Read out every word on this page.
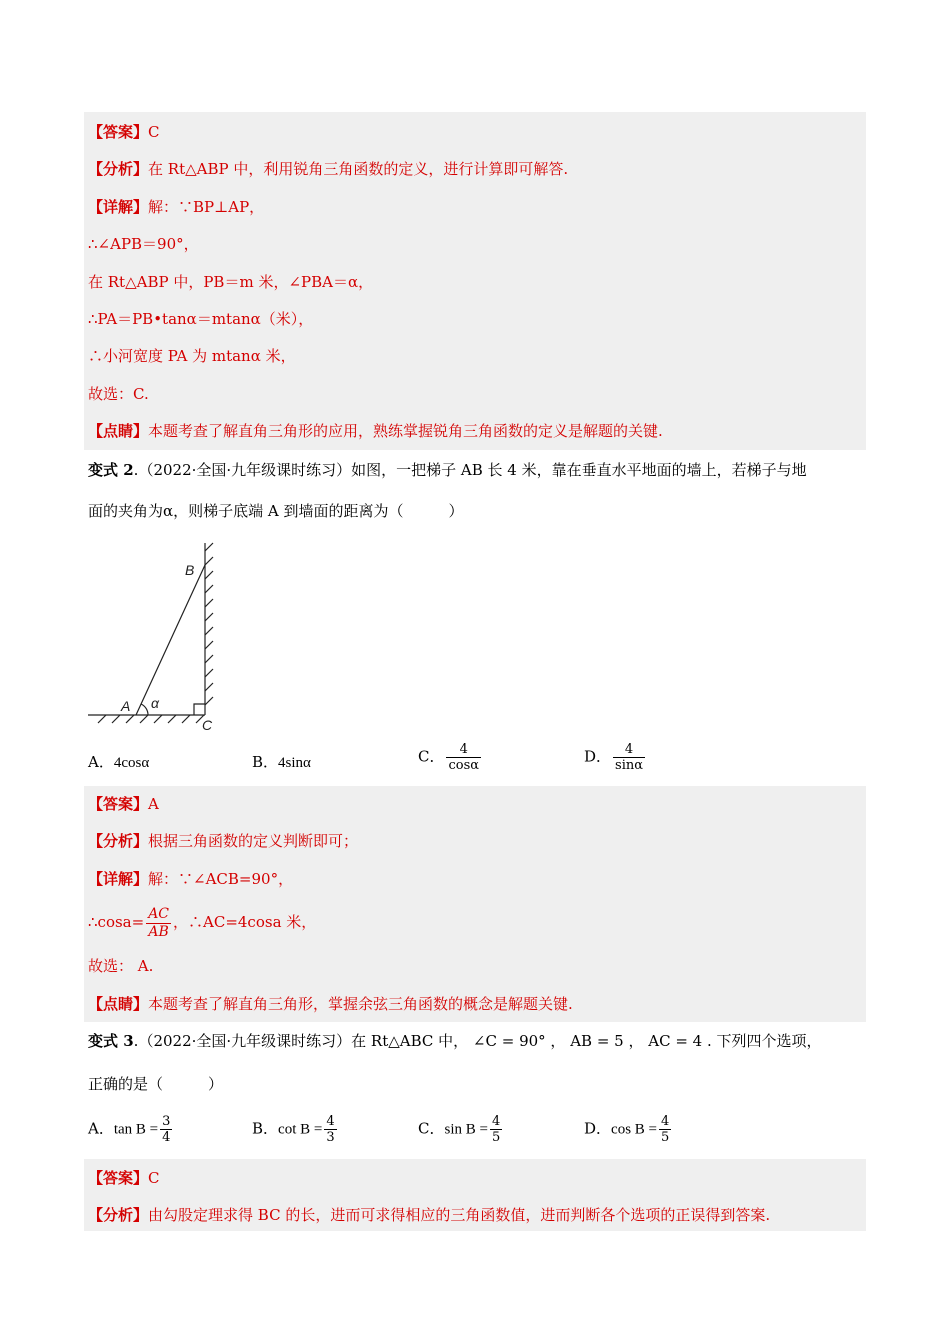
【答案】C
【分析】在 Rt△ABP 中，利用锐角三角函数的定义，进行计算即可解答.
【详解】解：∵BP⊥AP，
∴∠APB＝90°，
在 Rt△ABP 中，PB＝m 米，∠PBA＝α，
∴PA＝PB•tanα＝mtanα（米），
∴小河宽度 PA 为 mtanα 米，
故选：C.
【点睛】本题考查了解直角三角形的应用，熟练掌握锐角三角函数的定义是解题的关键.
变式 2.（2022·全国·九年级课时练习）如图，一把梯子 AB 长 4 米，靠在垂直水平地面的墙上，若梯子与地
面的夹角为α，则梯子底端 A 到墙面的距离为（　　　）
B
A α
C
A．4cosα	B．4sinα	C． $\frac{4}{\cos\alpha}$	D． $\frac{4}{\sin\alpha}$
【答案】A
【分析】根据三角函数的定义判断即可；
【详解】解：∵∠ACB=90°，
∴cosa= $\frac{AC}{AB}$ ，∴AC=4cosa 米，
故选： A.
【点睛】本题考查了解直角三角形，掌握余弦三角函数的概念是解题关键.
变式 3.（2022·全国·九年级课时练习）在 Rt△ABC 中， ∠C = 90° ， AB = 5 ， AC = 4 . 下列四个选项，
正确的是（　　　）
A．$\tan B = \frac{3}{4}$	B．$\cot B = \frac{4}{3}$	C．$\sin B = \frac{4}{5}$	D．$\cos B = \frac{4}{5}$
【答案】C
【分析】由勾股定理求得 BC 的长，进而可求得相应的三角函数值，进而判断各个选项的正误得到答案.
